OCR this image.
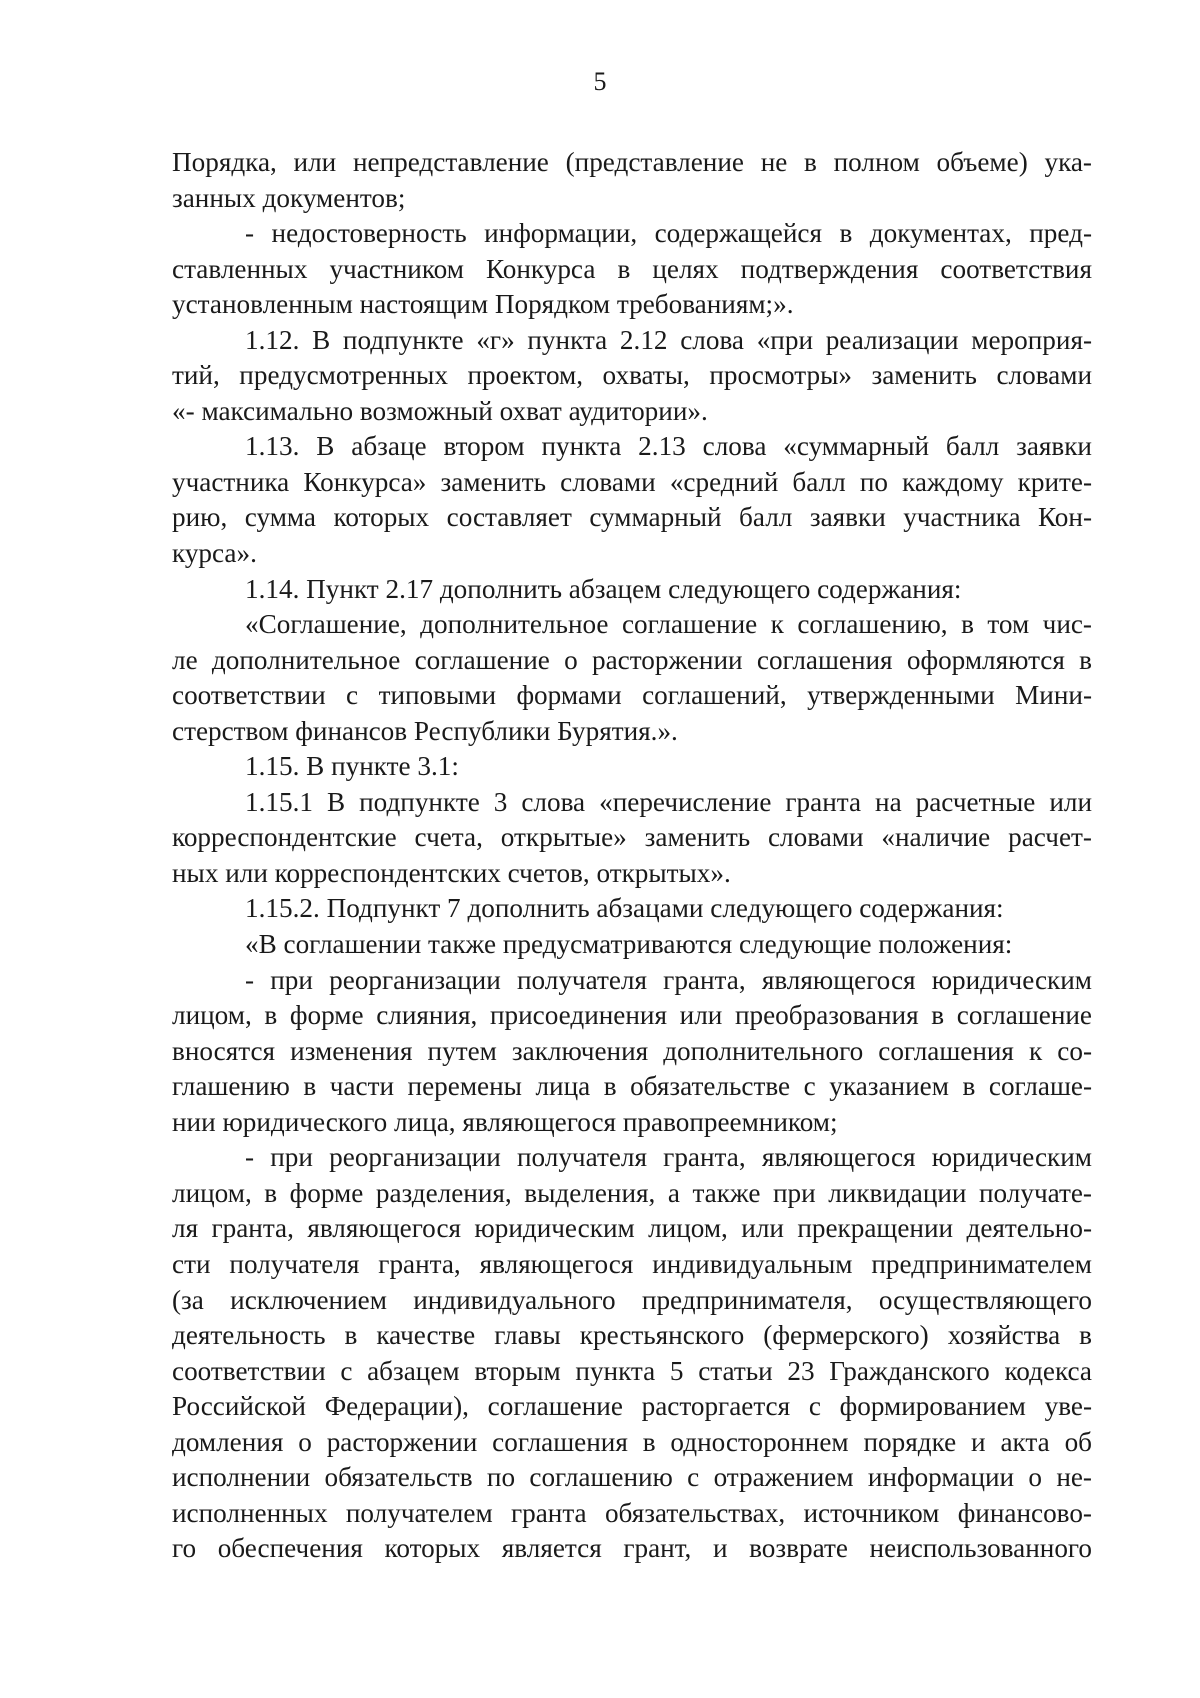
5
Порядка, или непредставление (представление не в полном объеме) ука-
занных документов;
- недостоверность информации, содержащейся в документах, пред-
ставленных участником Конкурса в целях подтверждения соответствия
установленным настоящим Порядком требованиям;».
1.12. В подпункте «г» пункта 2.12 слова «при реализации мероприя-
тий, предусмотренных проектом, охваты, просмотры» заменить словами
«- максимально возможный охват аудитории».
1.13. В абзаце втором пункта 2.13 слова «суммарный балл заявки
участника Конкурса» заменить словами «средний балл по каждому крите-
рию, сумма которых составляет суммарный балл заявки участника Кон-
курса».
1.14. Пункт 2.17 дополнить абзацем следующего содержания:
«Соглашение, дополнительное соглашение к соглашению, в том чис-
ле дополнительное соглашение о расторжении соглашения оформляются в
соответствии с типовыми формами соглашений, утвержденными Мини-
стерством финансов Республики Бурятия.».
1.15. В пункте 3.1:
1.15.1 В подпункте 3 слова «перечисление гранта на расчетные или
корреспондентские счета, открытые» заменить словами «наличие расчет-
ных или корреспондентских счетов, открытых».
1.15.2. Подпункт 7 дополнить абзацами следующего содержания:
«В соглашении также предусматриваются следующие положения:
- при реорганизации получателя гранта, являющегося юридическим
лицом, в форме слияния, присоединения или преобразования в соглашение
вносятся изменения путем заключения дополнительного соглашения к со-
глашению в части перемены лица в обязательстве с указанием в соглаше-
нии юридического лица, являющегося правопреемником;
- при реорганизации получателя гранта, являющегося юридическим
лицом, в форме разделения, выделения, а также при ликвидации получате-
ля гранта, являющегося юридическим лицом, или прекращении деятельно-
сти получателя гранта, являющегося индивидуальным предпринимателем
(за исключением индивидуального предпринимателя, осуществляющего
деятельность в качестве главы крестьянского (фермерского) хозяйства в
соответствии с абзацем вторым пункта 5 статьи 23 Гражданского кодекса
Российской Федерации), соглашение расторгается с формированием уве-
домления о расторжении соглашения в одностороннем порядке и акта об
исполнении обязательств по соглашению с отражением информации о не-
исполненных получателем гранта обязательствах, источником финансово-
го обеспечения которых является грант, и возврате неиспользованного
